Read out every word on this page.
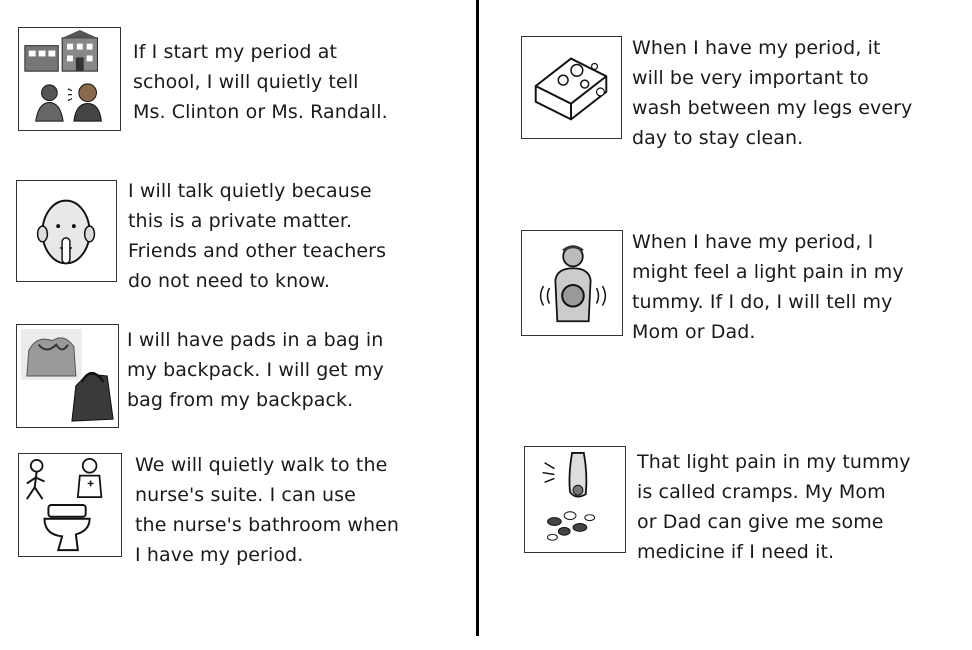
If I start my period at
school, I will quietly tell
Ms. Clinton or Ms. Randall.
I will talk quietly because
this is a private matter.
Friends and other teachers
do not need to know.
I will have pads in a bag in
my backpack. I will get my
bag from my backpack.
We will quietly walk to the
nurse's suite. I can use
the nurse's bathroom when
I have my period.
When I have my period, it
will be very important to
wash between my legs every
day to stay clean.
When I have my period, I
might feel a light pain in my
tummy. If I do, I will tell my
Mom or Dad.
That light pain in my tummy
is called cramps. My Mom
or Dad can give me some
medicine if I need it.
